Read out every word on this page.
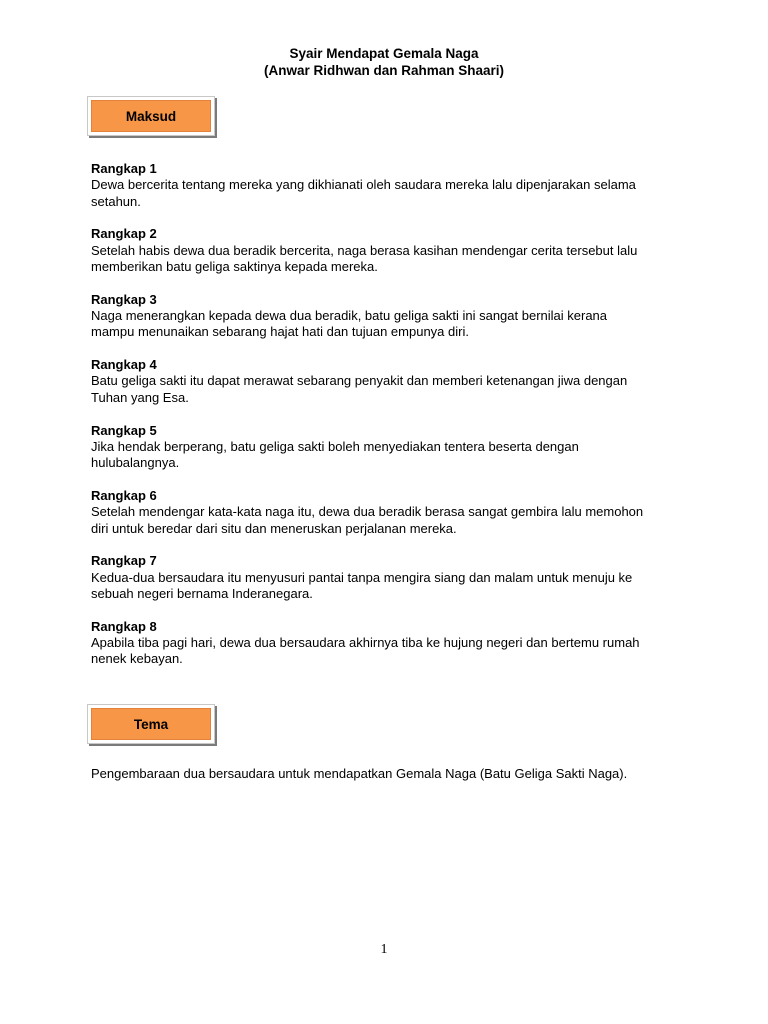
Syair Mendapat Gemala Naga
(Anwar Ridhwan dan Rahman Shaari)
Maksud
Rangkap 1
Dewa bercerita tentang mereka yang dikhianati oleh saudara mereka lalu dipenjarakan selama
setahun.
Rangkap 2
Setelah habis dewa dua beradik bercerita, naga berasa kasihan mendengar cerita tersebut lalu
memberikan batu geliga saktinya kepada mereka.
Rangkap 3
Naga menerangkan kepada dewa dua beradik, batu geliga sakti ini sangat bernilai kerana
mampu menunaikan sebarang hajat hati dan tujuan empunya diri.
Rangkap 4
Batu geliga sakti itu dapat merawat sebarang penyakit dan memberi ketenangan jiwa dengan
Tuhan yang Esa.
Rangkap 5
Jika hendak berperang, batu geliga sakti boleh menyediakan tentera beserta dengan
hulubalangnya.
Rangkap 6
Setelah mendengar kata-kata naga itu, dewa dua beradik berasa sangat gembira lalu memohon
diri untuk beredar dari situ dan meneruskan perjalanan mereka.
Rangkap 7
Kedua-dua bersaudara itu menyusuri pantai tanpa mengira siang dan malam untuk menuju ke
sebuah negeri bernama Inderanegara.
Rangkap 8
Apabila tiba pagi hari, dewa dua bersaudara akhirnya tiba ke hujung negeri dan bertemu rumah
nenek kebayan.
Tema
Pengembaraan dua bersaudara untuk mendapatkan Gemala Naga (Batu Geliga Sakti Naga).
1
